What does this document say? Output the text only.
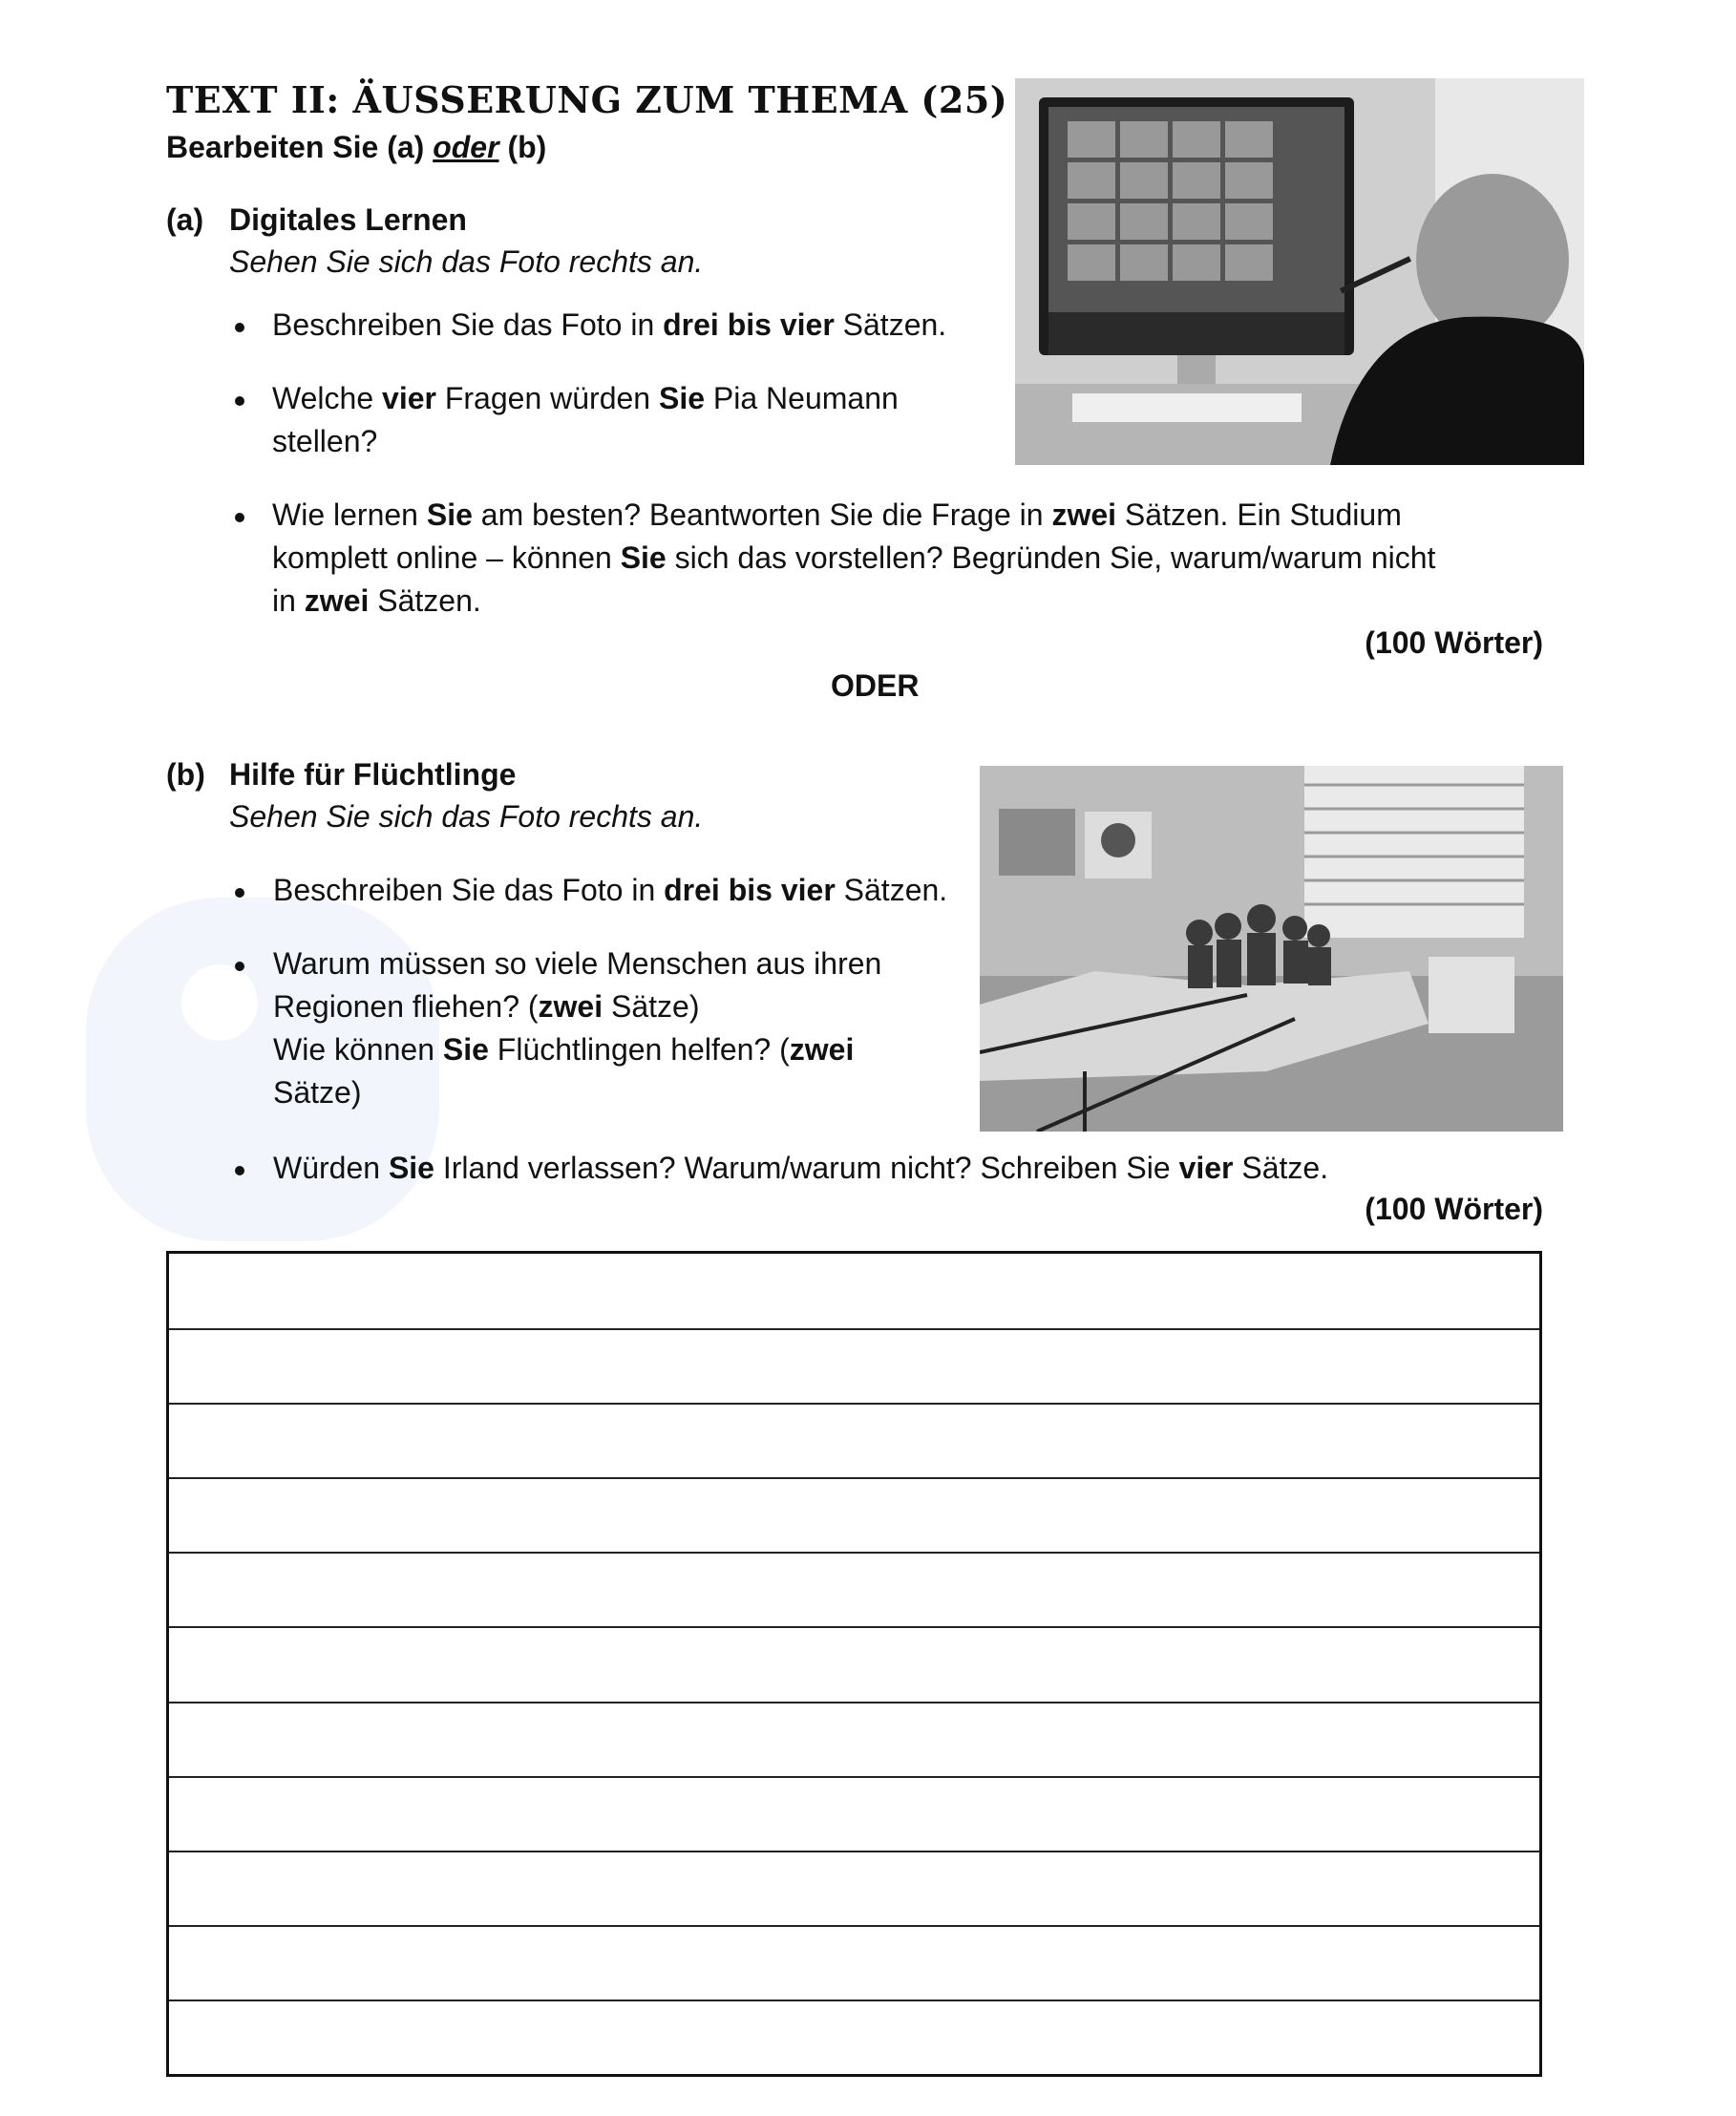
TEXT II: ÄUSSERUNG ZUM THEMA (25)
Bearbeiten Sie (a) oder (b)
(a) Digitales Lernen
Sehen Sie sich das Foto rechts an.
Beschreiben Sie das Foto in drei bis vier Sätzen.
Welche vier Fragen würden Sie Pia Neumann
stellen?
Wie lernen Sie am besten? Beantworten Sie die Frage in zwei Sätzen. Ein Studium
komplett online – können Sie sich das vorstellen? Begründen Sie, warum/warum nicht
in zwei Sätzen.
(100 Wörter)
ODER
(b) Hilfe für Flüchtlinge
Sehen Sie sich das Foto rechts an.
Beschreiben Sie das Foto in drei bis vier Sätzen.
Warum müssen so viele Menschen aus ihren
Regionen fliehen? (zwei Sätze)
Wie können Sie Flüchtlingen helfen? (zwei
Sätze)
Würden Sie Irland verlassen? Warum/warum nicht? Schreiben Sie vier Sätze.
(100 Wörter)
